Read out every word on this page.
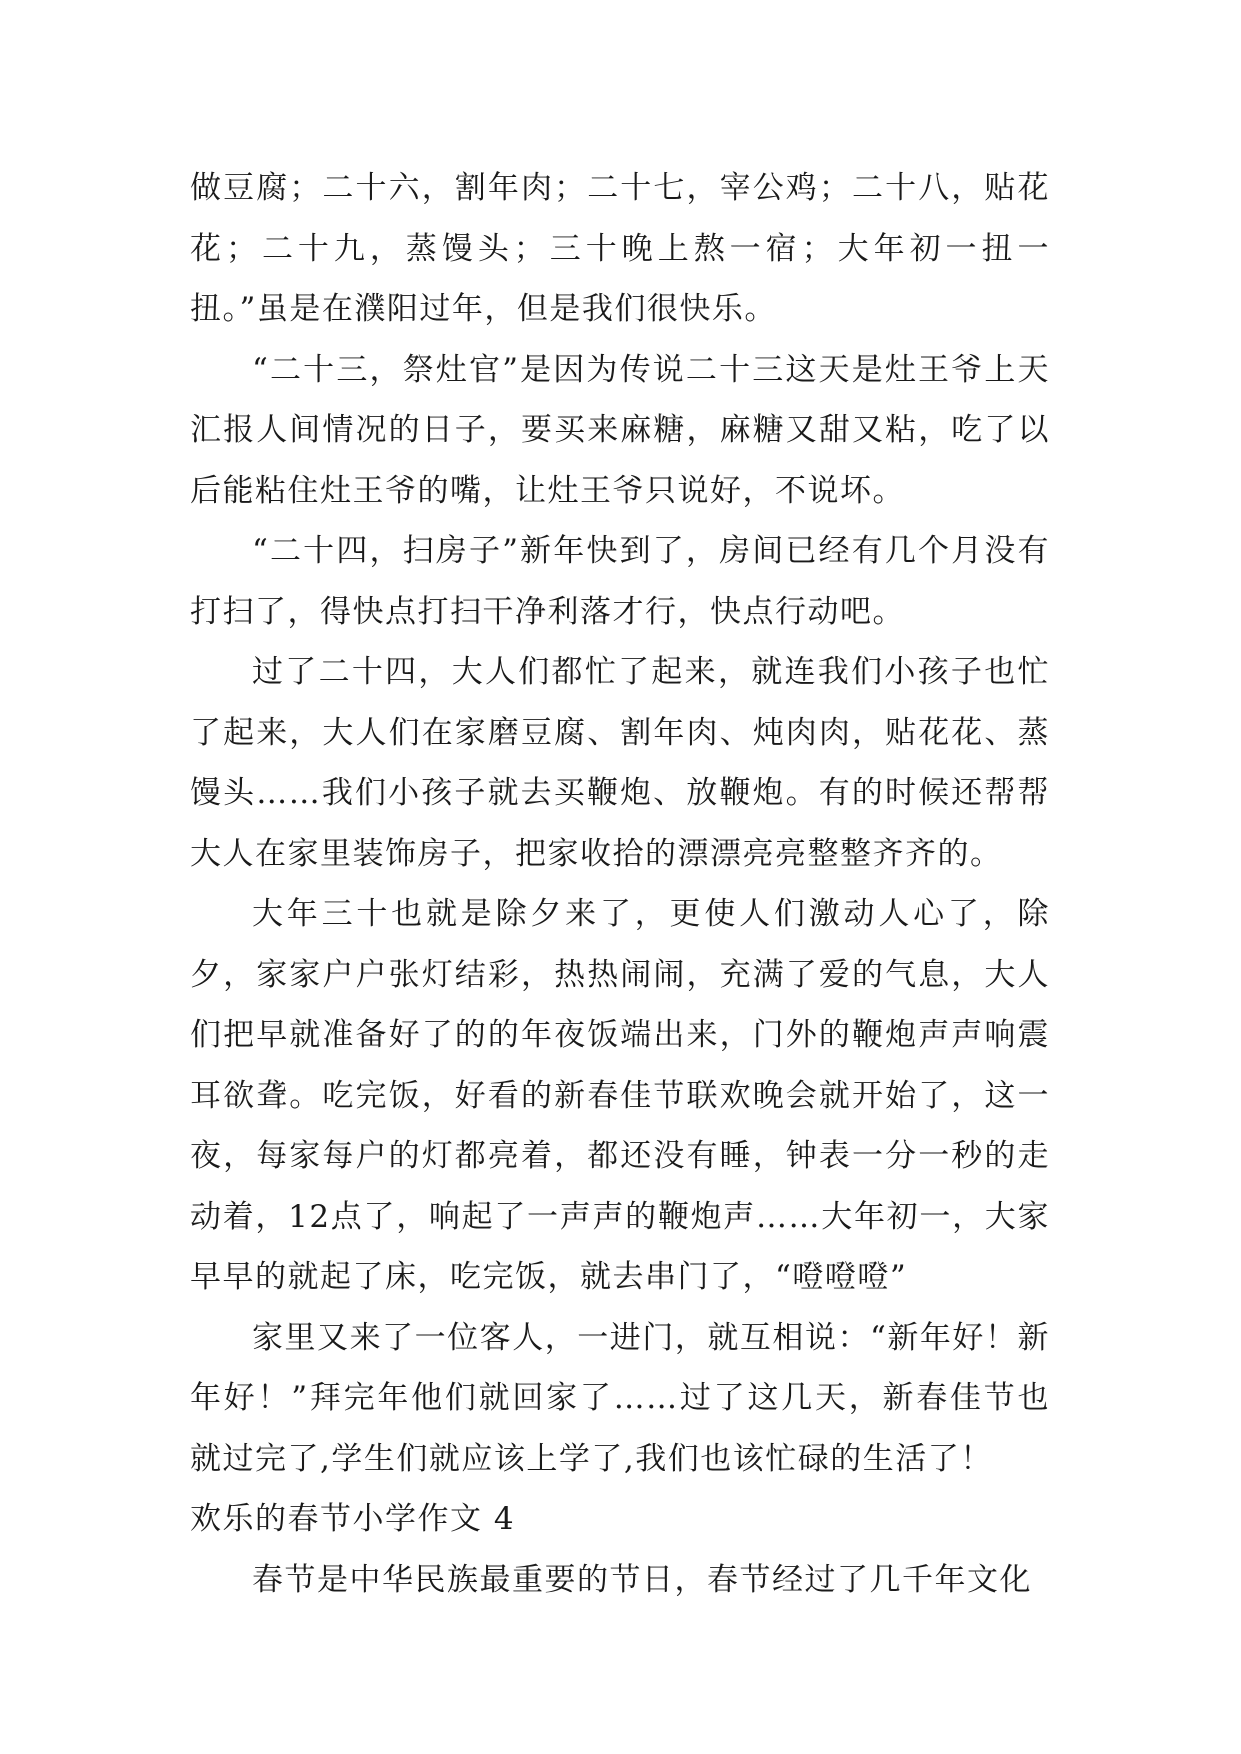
做豆腐；二十六，割年肉；二十七，宰公鸡；二十八，贴花花；二十九，蒸馒头；三十晚上熬一宿；大年初一扭一扭。”虽是在濮阳过年，但是我们很快乐。

“二十三，祭灶官”是因为传说二十三这天是灶王爷上天汇报人间情况的日子，要买来麻糖，麻糖又甜又粘，吃了以后能粘住灶王爷的嘴，让灶王爷只说好，不说坏。

“二十四，扫房子”新年快到了，房间已经有几个月没有打扫了，得快点打扫干净利落才行，快点行动吧。

过了二十四，大人们都忙了起来，就连我们小孩子也忙了起来，大人们在家磨豆腐、割年肉、炖肉肉，贴花花、蒸馒头……我们小孩子就去买鞭炮、放鞭炮。有的时候还帮帮大人在家里装饰房子，把家收拾的漂漂亮亮整整齐齐的。

大年三十也就是除夕来了，更使人们激动人心了，除夕，家家户户张灯结彩，热热闹闹，充满了爱的气息，大人们把早就准备好了的的年夜饭端出来，门外的鞭炮声声响震耳欲聋。吃完饭，好看的新春佳节联欢晚会就开始了，这一夜，每家每户的灯都亮着，都还没有睡，钟表一分一秒的走动着，12点了，响起了一声声的鞭炮声……大年初一，大家早早的就起了床，吃完饭，就去串门了，“噔噔噔”

家里又来了一位客人，一进门，就互相说：“新年好！新年好！”拜完年他们就回家了……过了这几天，新春佳节也就过完了,学生们就应该上学了,我们也该忙碌的生活了！

欢乐的春节小学作文 4

春节是中华民族最重要的节日，春节经过了几千年文化
